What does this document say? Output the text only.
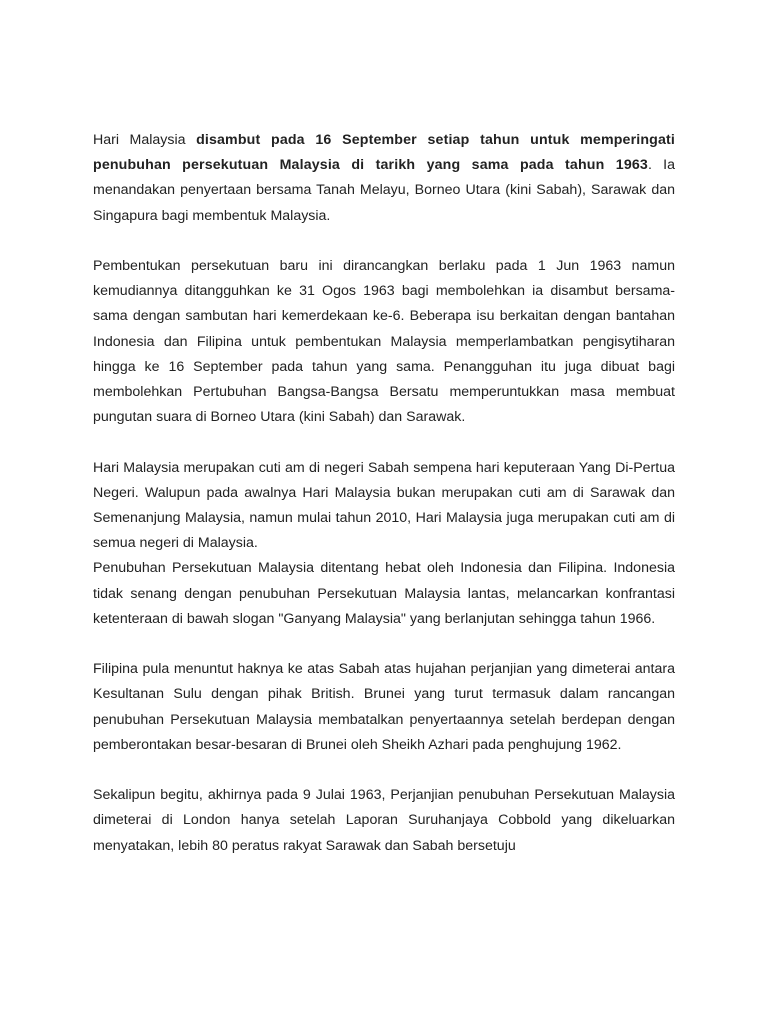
Hari Malaysia disambut pada 16 September setiap tahun untuk memperingati penubuhan persekutuan Malaysia di tarikh yang sama pada tahun 1963. Ia menandakan penyertaan bersama Tanah Melayu, Borneo Utara (kini Sabah), Sarawak dan Singapura bagi membentuk Malaysia.

Pembentukan persekutuan baru ini dirancangkan berlaku pada 1 Jun 1963 namun kemudiannya ditangguhkan ke 31 Ogos 1963 bagi membolehkan ia disambut bersama-sama dengan sambutan hari kemerdekaan ke-6. Beberapa isu berkaitan dengan bantahan Indonesia dan Filipina untuk pembentukan Malaysia memperlambatkan pengisytiharan hingga ke 16 September pada tahun yang sama. Penangguhan itu juga dibuat bagi membolehkan Pertubuhan Bangsa-Bangsa Bersatu memperuntukkan masa membuat pungutan suara di Borneo Utara (kini Sabah) dan Sarawak.

Hari Malaysia merupakan cuti am di negeri Sabah sempena hari keputeraan Yang Di-Pertua Negeri. Walupun pada awalnya Hari Malaysia bukan merupakan cuti am di Sarawak dan Semenanjung Malaysia, namun mulai tahun 2010, Hari Malaysia juga merupakan cuti am di semua negeri di Malaysia.

Penubuhan Persekutuan Malaysia ditentang hebat oleh Indonesia dan Filipina. Indonesia tidak senang dengan penubuhan Persekutuan Malaysia lantas, melancarkan konfrantasi ketenteraan di bawah slogan "Ganyang Malaysia" yang berlanjutan sehingga tahun 1966.

Filipina pula menuntut haknya ke atas Sabah atas hujahan perjanjian yang dimeterai antara Kesultanan Sulu dengan pihak British. Brunei yang turut termasuk dalam rancangan penubuhan Persekutuan Malaysia membatalkan penyertaannya setelah berdepan dengan pemberontakan besar-besaran di Brunei oleh Sheikh Azhari pada penghujung 1962.

Sekalipun begitu, akhirnya pada 9 Julai 1963, Perjanjian penubuhan Persekutuan Malaysia dimeterai di London hanya setelah Laporan Suruhanjaya Cobbold yang dikeluarkan menyatakan, lebih 80 peratus rakyat Sarawak dan Sabah bersetuju
